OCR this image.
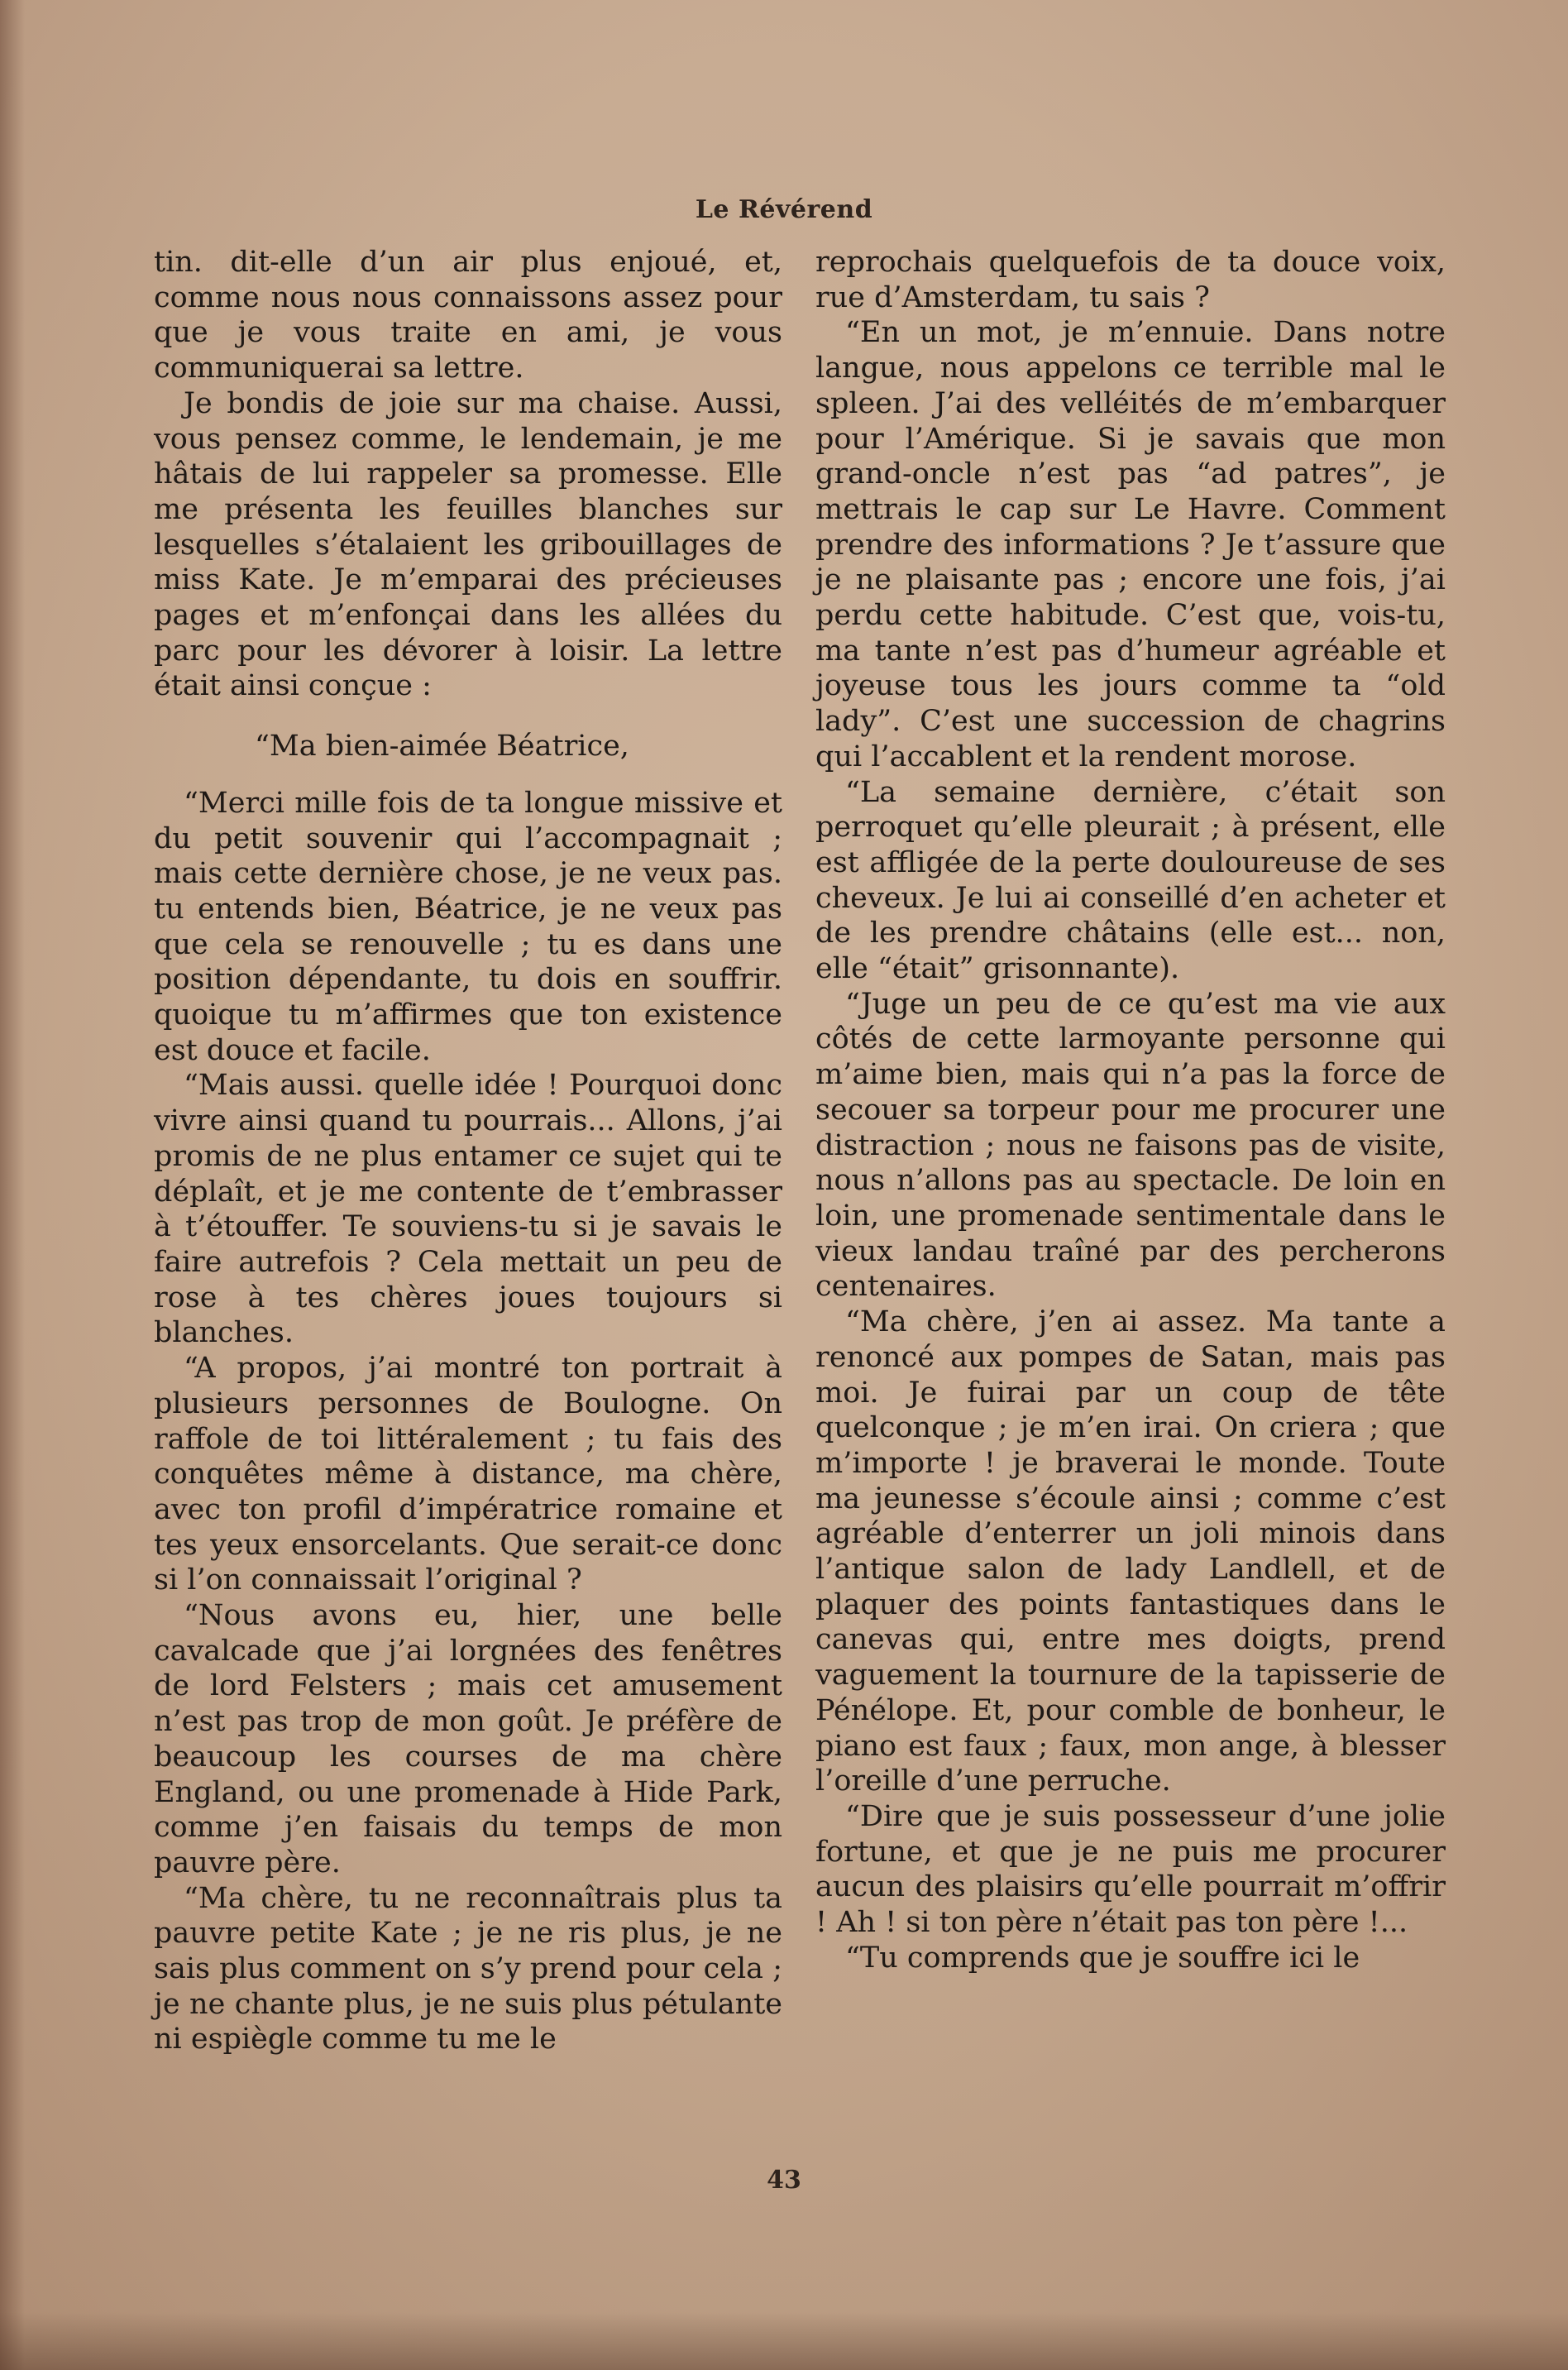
Le Révérend

tin. dit-elle d’un air plus enjoué, et, comme nous nous connaissons assez pour que je vous traite en ami, je vous communiquerai sa lettre.

Je bondis de joie sur ma chaise. Aussi, vous pensez comme, le lendemain, je me hâtais de lui rappeler sa promesse. Elle me présenta les feuilles blanches sur lesquelles s’étalaient les gribouillages de miss Kate. Je m’emparai des précieuses pages et m’enfonçai dans les allées du parc pour les dévorer à loisir. La lettre était ainsi conçue :

“Ma bien-aimée Béatrice,

“Merci mille fois de ta longue missive et du petit souvenir qui l’accompagnait ; mais cette dernière chose, je ne veux pas. tu entends bien, Béatrice, je ne veux pas que cela se renouvelle ; tu es dans une position dépendante, tu dois en souffrir. quoique tu m’affirmes que ton existence est douce et facile.

“Mais aussi. quelle idée ! Pourquoi donc vivre ainsi quand tu pourrais... Allons, j’ai promis de ne plus entamer ce sujet qui te déplaît, et je me contente de t’embrasser à t’étouffer. Te souviens-tu si je savais le faire autrefois ? Cela mettait un peu de rose à tes chères joues toujours si blanches.

“A propos, j’ai montré ton portrait à plusieurs personnes de Boulogne. On raffole de toi littéralement ; tu fais des conquêtes même à distance, ma chère, avec ton profil d’impératrice romaine et tes yeux ensorcelants. Que serait-ce donc si l’on connaissait l’original ?

“Nous avons eu, hier, une belle cavalcade que j’ai lorgnées des fenêtres de lord Felsters ; mais cet amusement n’est pas trop de mon goût. Je préfère de beaucoup les courses de ma chère England, ou une promenade à Hide Park, comme j’en faisais du temps de mon pauvre père.

“Ma chère, tu ne reconnaîtrais plus ta pauvre petite Kate ; je ne ris plus, je ne sais plus comment on s’y prend pour cela ; je ne chante plus, je ne suis plus pétulante ni espiègle comme tu me le

reprochais quelquefois de ta douce voix, rue d’Amsterdam, tu sais ?

“En un mot, je m’ennuie. Dans notre langue, nous appelons ce terrible mal le spleen. J’ai des velléités de m’embarquer pour l’Amérique. Si je savais que mon grand-oncle n’est pas “ad patres”, je mettrais le cap sur Le Havre. Comment prendre des informations ? Je t’assure que je ne plaisante pas ; encore une fois, j’ai perdu cette habitude. C’est que, vois-tu, ma tante n’est pas d’humeur agréable et joyeuse tous les jours comme ta “old lady”. C’est une succession de chagrins qui l’accablent et la rendent morose.

“La semaine dernière, c’était son perroquet qu’elle pleurait ; à présent, elle est affligée de la perte douloureuse de ses cheveux. Je lui ai conseillé d’en acheter et de les prendre châtains (elle est... non, elle “était” grisonnante).

“Juge un peu de ce qu’est ma vie aux côtés de cette larmoyante personne qui m’aime bien, mais qui n’a pas la force de secouer sa torpeur pour me procurer une distraction ; nous ne faisons pas de visite, nous n’allons pas au spectacle. De loin en loin, une promenade sentimentale dans le vieux landau traîné par des percherons centenaires.

“Ma chère, j’en ai assez. Ma tante a renoncé aux pompes de Satan, mais pas moi. Je fuirai par un coup de tête quelconque ; je m’en irai. On criera ; que m’importe ! je braverai le monde. Toute ma jeunesse s’écoule ainsi ; comme c’est agréable d’enterrer un joli minois dans l’antique salon de lady Landlell, et de plaquer des points fantastiques dans le canevas qui, entre mes doigts, prend vaguement la tournure de la tapisserie de Pénélope. Et, pour comble de bonheur, le piano est faux ; faux, mon ange, à blesser l’oreille d’une perruche.

“Dire que je suis possesseur d’une jolie fortune, et que je ne puis me procurer aucun des plaisirs qu’elle pourrait m’offrir ! Ah ! si ton père n’était pas ton père !...

“Tu comprends que je souffre ici le

43
